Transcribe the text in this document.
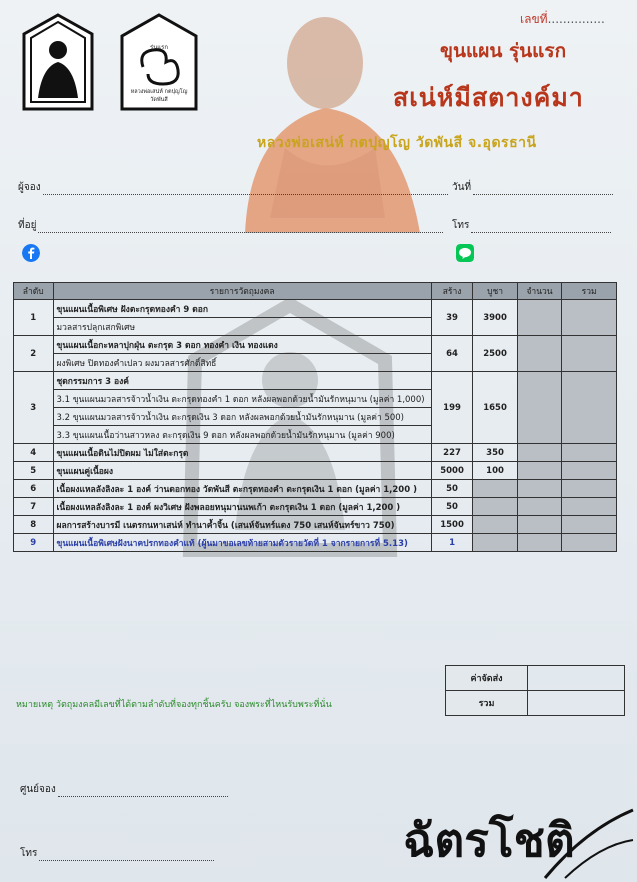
รุ่นแรก
หลวงพ่อเสน่ห์ กตปุญโญ
วัดพันสี
เลขที่...............
ขุนแผน รุ่นแรก
สเน่ห์มีสตางค์มา
หลวงพ่อเสน่ห์ กตปุญโญ วัดพันสี จ.อุดรธานี
ผู้จอง	วันที่
ที่อยู่	โทร
ลำดับ	รายการวัตถุมงคล	สร้าง	บูชา	จำนวน	รวม
1	ขุนแผนเนื้อพิเศษ ฝังตะกรุดทองคำ 9 ดอก	39	3900		
	มวลสารปลุกเสกพิเศษ				
2	ขุนแผนเนื้อกะหลาปุกฝุ่น ตะกรุด 3 ดอก ทองคำ เงิน ทองแดง	64	2500		
	ผงพิเศษ ปิดทองคำเปลว ผงมวลสารศักดิ์สิทธิ์				
3	ชุดกรรมการ 3 องค์	199	1650		
	3.1 ขุนแผนมวลสารจ้าวน้ำเงิน ตะกรุดทองคำ 1 ดอก หลังผลพอกด้วยน้ำมันรักหนุมาน (มูลค่า 1,000)				
	3.2 ขุนแผนมวลสารจ้าวน้ำเงิน ตะกรุดเงิน 3 ดอก หลังผลพอกด้วยน้ำมันรักหนุมาน (มูลค่า 500)				
	3.3 ขุนแผนเนื้อว่านสาวหลง ตะกรุดเงิน 9 ดอก หลังผลพอกด้วยน้ำมันรักหนุมาน (มูลค่า 900)				
4	ขุนแผนเนื้อดินไม่ปิดผม ไม่ใส่ตะกรุด	227	350		
5	ขุนแผนคู่เนื้อผง	5000	100		
6	เนื้อผงแหลลังลิงละ 1 องค์ ว่านดอกทอง วัดพันสี ตะกรุดทองคำ ตะกรุดเงิน 1 ดอก (มูลค่า 1,200 )	50			
7	เนื้อผงแหลลังลิงละ 1 องค์ ผงวิเศษ ฝังพลอยหนุมานนพเก้า ตะกรุดเงิน 1 ดอก (มูลค่า 1,200 )	50			
8	ผลการสร้างบารมี เนตรกนหาเสน่ห์ ทำนาค้ำจิ้น (เสนห์จันทร์แดง 750 เสนห์จันทร์ขาว 750)	1500			
9	ขุนแผนเนื้อพิเศษฝังนาคปรกทองคำแท้ (ผู้นมาขอเลขท้ายสามตัวรายวัดที่ 1 จากรายการที่ 5.13)	1			
ค่าจัดส่ง	
รวม	
หมายเหตุ วัตถุมงคลมีเลขที่ได้ตามลำดับที่จองทุกชิ้นครับ จองพระที่ไหนรับพระที่นั่น
ศูนย์จอง
โทร	ฉัตรโชติ
